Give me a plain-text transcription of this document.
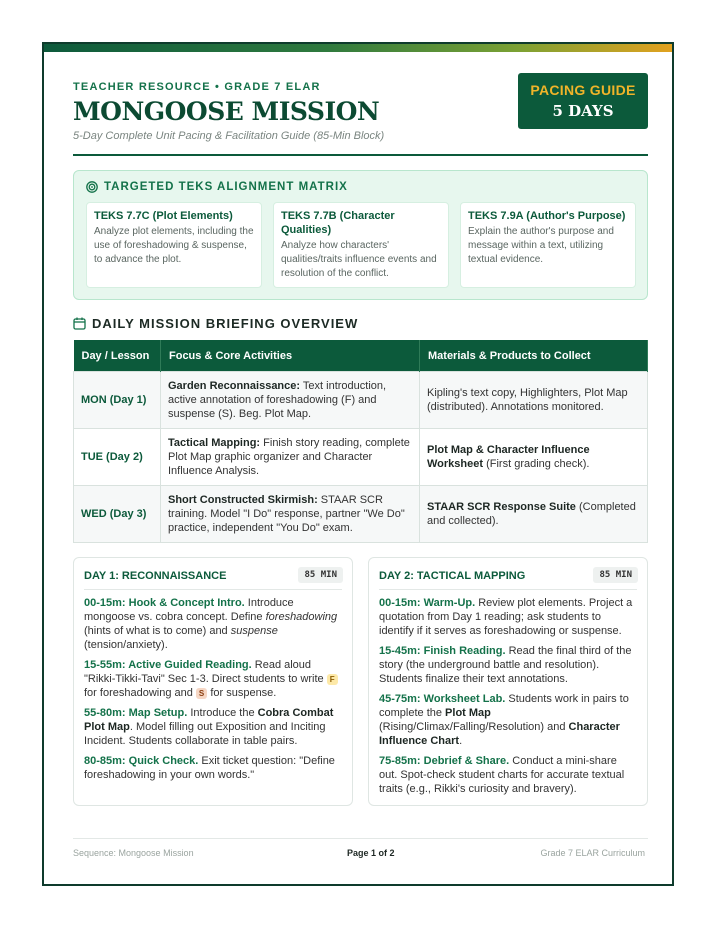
TEACHER RESOURCE • GRADE 7 ELAR
MONGOOSE MISSION
5-Day Complete Unit Pacing & Facilitation Guide (85-Min Block)
PACING GUIDE
5 DAYS
TARGETED TEKS ALIGNMENT MATRIX
TEKS 7.7C (Plot Elements)
Analyze plot elements, including the use of foreshadowing & suspense, to advance the plot.
TEKS 7.7B (Character Qualities)
Analyze how characters' qualities/traits influence events and resolution of the conflict.
TEKS 7.9A (Author's Purpose)
Explain the author's purpose and message within a text, utilizing textual evidence.
DAILY MISSION BRIEFING OVERVIEW
Day / Lesson	Focus & Core Activities	Materials & Products to Collect
MON (Day 1)	Garden Reconnaissance: Text introduction, active annotation of foreshadowing (F) and suspense (S). Beg. Plot Map.	Kipling's text copy, Highlighters, Plot Map (distributed). Annotations monitored.
TUE (Day 2)	Tactical Mapping: Finish story reading, complete Plot Map graphic organizer and Character Influence Analysis.	Plot Map & Character Influence Worksheet (First grading check).
WED (Day 3)	Short Constructed Skirmish: STAAR SCR training. Model "I Do" response, partner "We Do" practice, independent "You Do" exam.	STAAR SCR Response Suite (Completed and collected).
DAY 1: RECONNAISSANCE	85 MIN

00-15m: Hook & Concept Intro. Introduce mongoose vs. cobra concept. Define foreshadowing (hints of what is to come) and suspense (tension/anxiety).

15-55m: Active Guided Reading. Read aloud "Rikki-Tikki-Tavi" Sec 1-3. Direct students to write F for foreshadowing and S for suspense.

55-80m: Map Setup. Introduce the Cobra Combat Plot Map. Model filling out Exposition and Inciting Incident. Students collaborate in table pairs.

80-85m: Quick Check. Exit ticket question: "Define foreshadowing in your own words."

DAY 2: TACTICAL MAPPING	85 MIN

00-15m: Warm-Up. Review plot elements. Project a quotation from Day 1 reading; ask students to identify if it serves as foreshadowing or suspense.

15-45m: Finish Reading. Read the final third of the story (the underground battle and resolution). Students finalize their text annotations.

45-75m: Worksheet Lab. Students work in pairs to complete the Plot Map (Rising/Climax/Falling/Resolution) and Character Influence Chart.

75-85m: Debrief & Share. Conduct a mini-share out. Spot-check student charts for accurate textual traits (e.g., Rikki's curiosity and bravery).

Sequence: Mongoose Mission	Page 1 of 2	Grade 7 ELAR Curriculum
